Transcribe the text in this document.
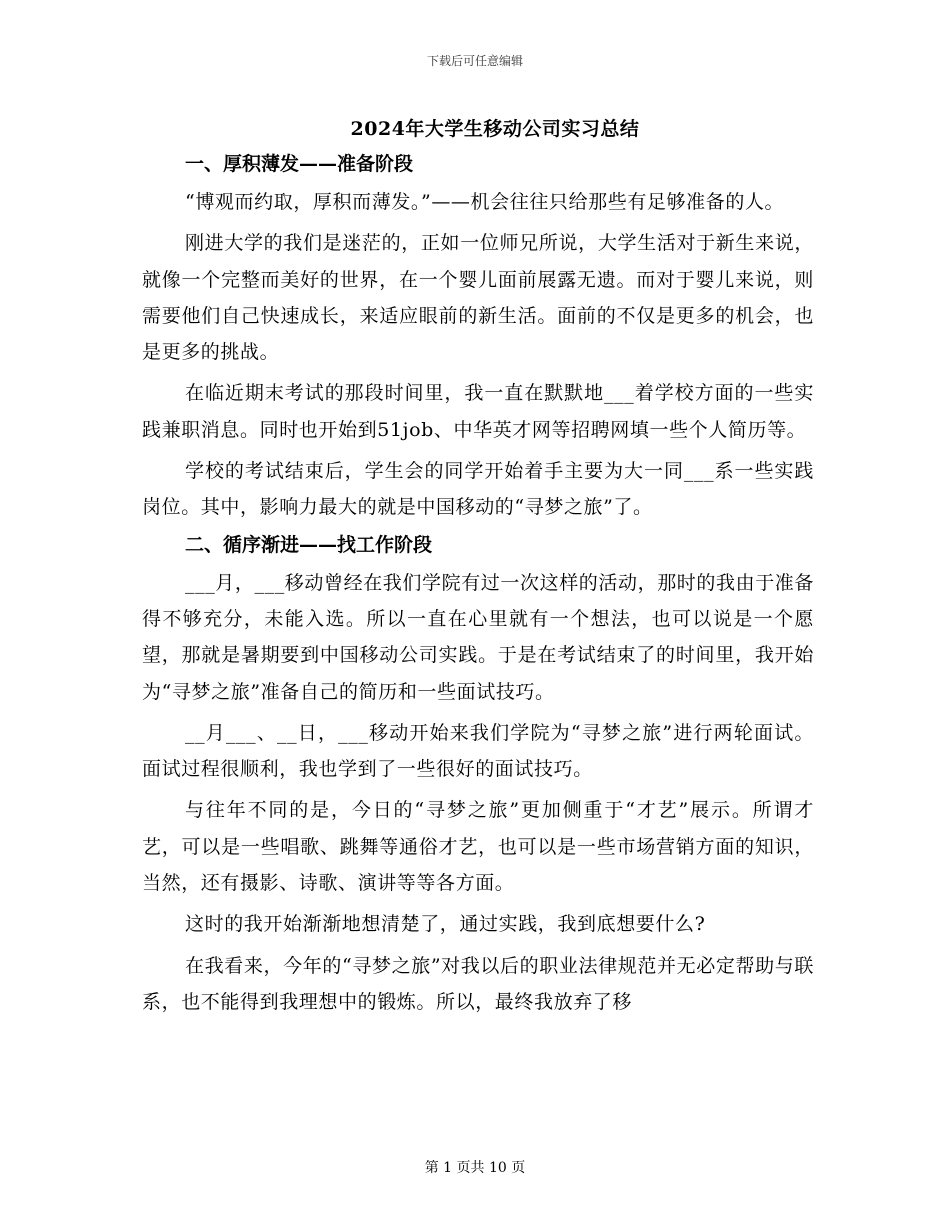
下载后可任意编辑
2024年大学生移动公司实习总结
一、厚积薄发——准备阶段

“博观而约取，厚积而薄发。”——机会往往只给那些有足够准备的人。

刚进大学的我们是迷茫的，正如一位师兄所说，大学生活对于新生来说，就像一个完整而美好的世界，在一个婴儿面前展露无遗。而对于婴儿来说，则需要他们自己快速成长，来适应眼前的新生活。面前的不仅是更多的机会，也是更多的挑战。

在临近期末考试的那段时间里，我一直在默默地___着学校方面的一些实践兼职消息。同时也开始到51job、中华英才网等招聘网填一些个人简历等。

学校的考试结束后，学生会的同学开始着手主要为大一同___系一些实践岗位。其中，影响力最大的就是中国移动的“寻梦之旅”了。

二、循序渐进——找工作阶段

___月，___移动曾经在我们学院有过一次这样的活动，那时的我由于准备得不够充分，未能入选。所以一直在心里就有一个想法，也可以说是一个愿望，那就是暑期要到中国移动公司实践。于是在考试结束了的时间里，我开始为“寻梦之旅”准备自己的简历和一些面试技巧。

__月___、__日，___移动开始来我们学院为“寻梦之旅”进行两轮面试。面试过程很顺利，我也学到了一些很好的面试技巧。

与往年不同的是，今日的“寻梦之旅”更加侧重于“才艺”展示。所谓才艺，可以是一些唱歌、跳舞等通俗才艺，也可以是一些市场营销方面的知识，当然，还有摄影、诗歌、演讲等等各方面。

这时的我开始渐渐地想清楚了，通过实践，我到底想要什么?

在我看来，今年的“寻梦之旅”对我以后的职业法律规范并无必定帮助与联系，也不能得到我理想中的锻炼。所以，最终我放弃了移

第 1 页共 10 页
